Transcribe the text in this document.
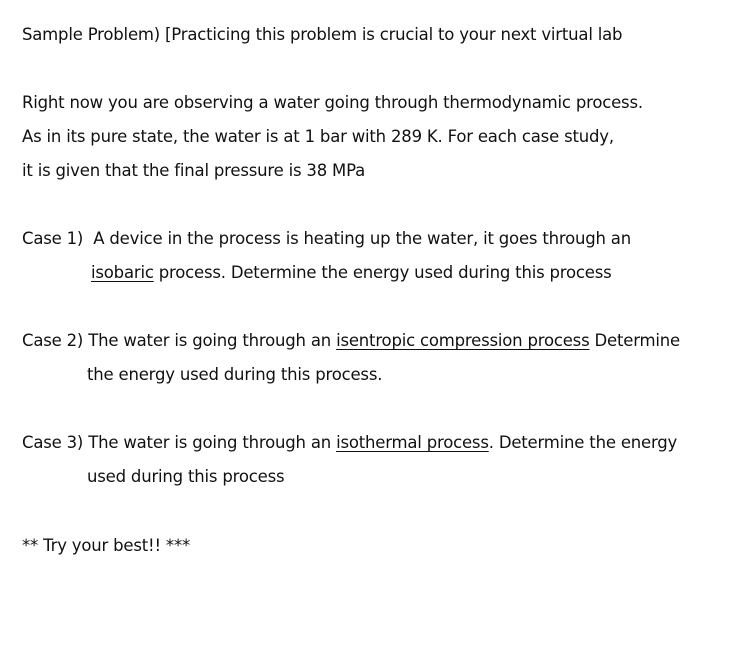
Sample Problem) [Practicing this problem is crucial to your next virtual lab
Right now you are observing a water going through thermodynamic process.
As in its pure state, the water is at 1 bar with 289 K. For each case study,
it is given that the final pressure is 38 MPa
Case 1) A device in the process is heating up the water, it goes through an
isobaric process. Determine the energy used during this process
Case 2) The water is going through an isentropic compression process Determine
the energy used during this process.
Case 3) The water is going through an isothermal process. Determine the energy
used during this process
** Try your best!! ***
